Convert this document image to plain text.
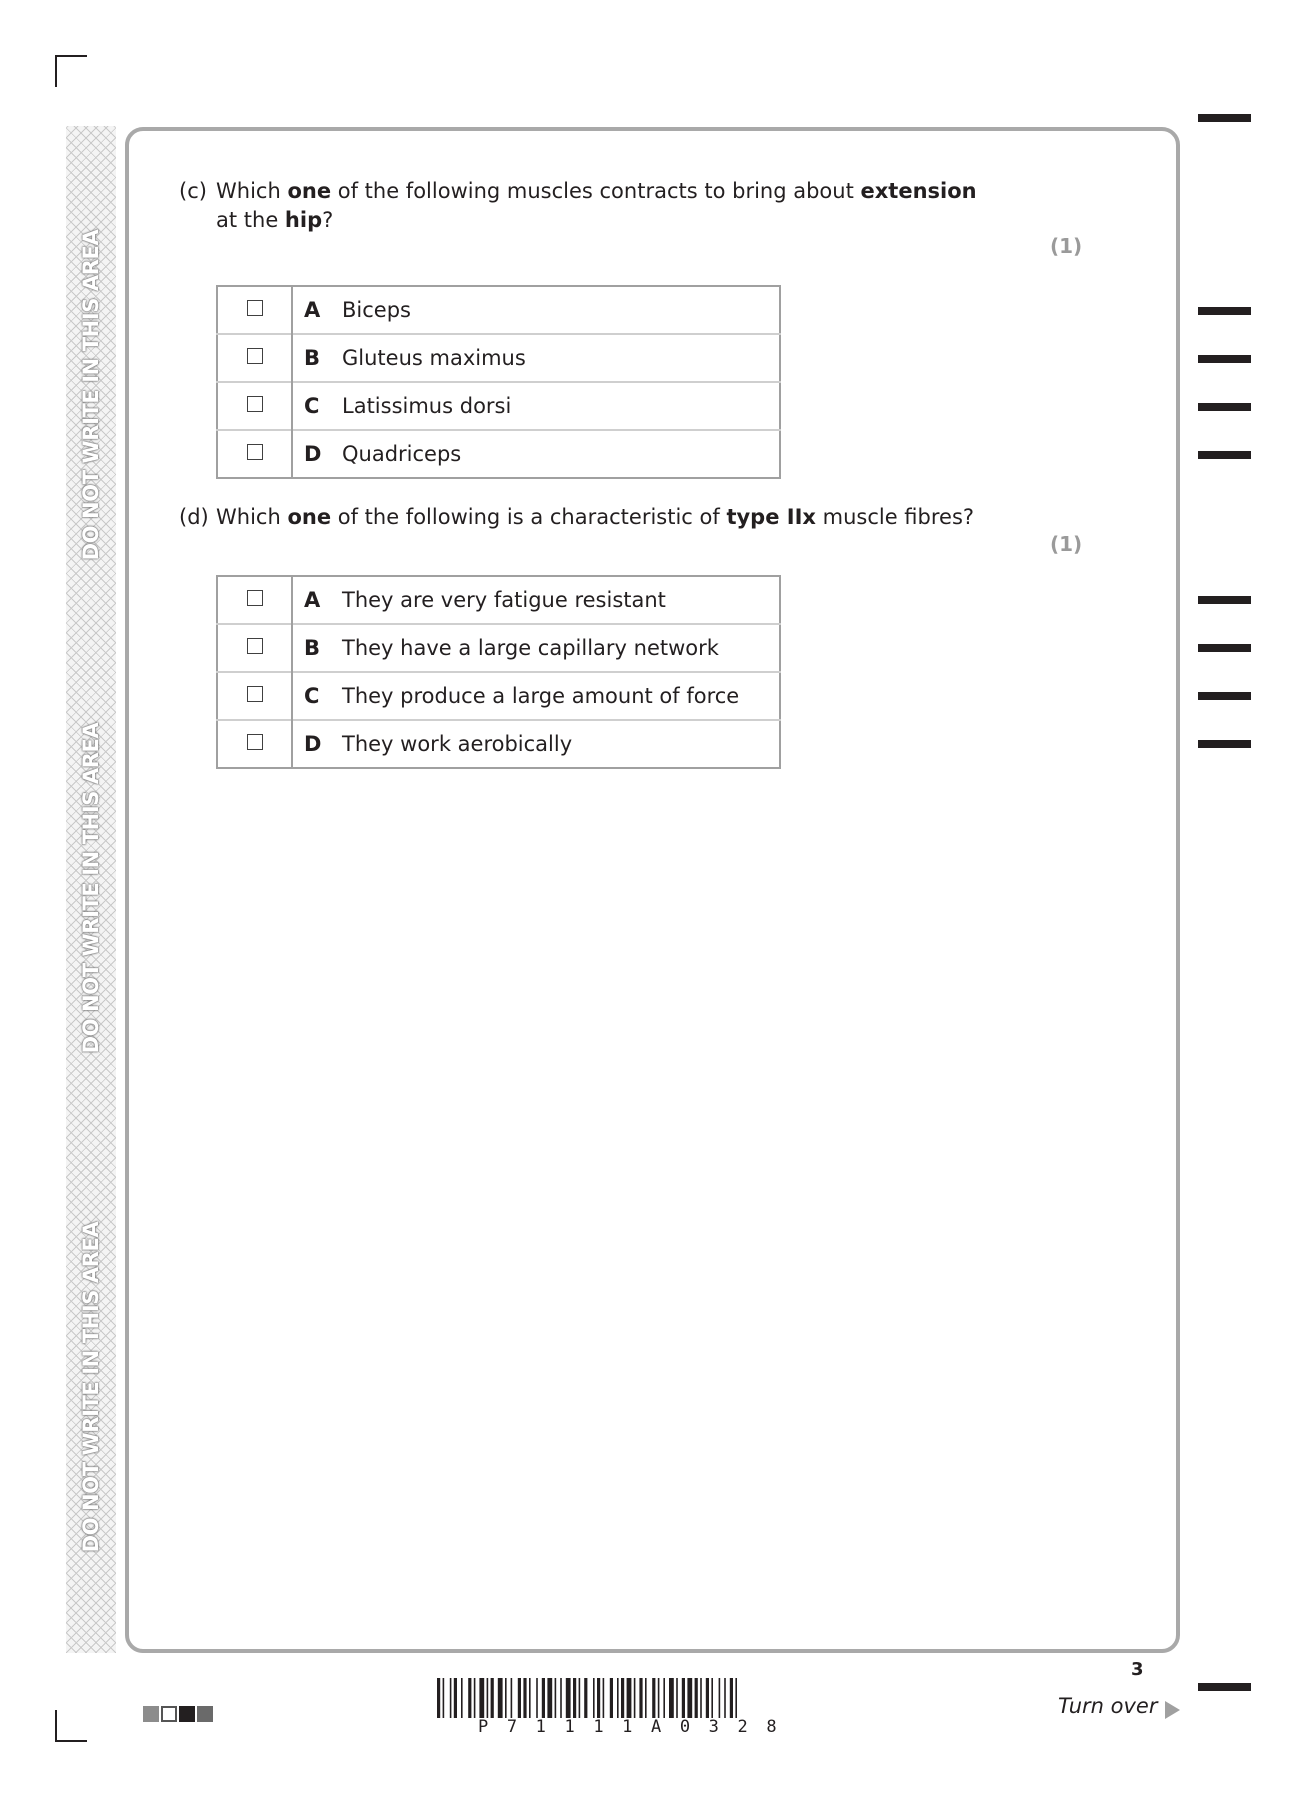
DO NOT WRITE IN THIS AREA
DO NOT WRITE IN THIS AREA
DO NOT WRITE IN THIS AREA
(c) Which one of the following muscles contracts to bring about extension at the hip?
(1)
	A	Biceps
	B	Gluteus maximus
	C	Latissimus dorsi
	D	Quadriceps
(d) Which one of the following is a characteristic of type IIx muscle fibres?
(1)
	A	They are very fatigue resistant
	B	They have a large capillary network
	C	They produce a large amount of force
	D	They work aerobically
P71111A0328
3
Turn over
